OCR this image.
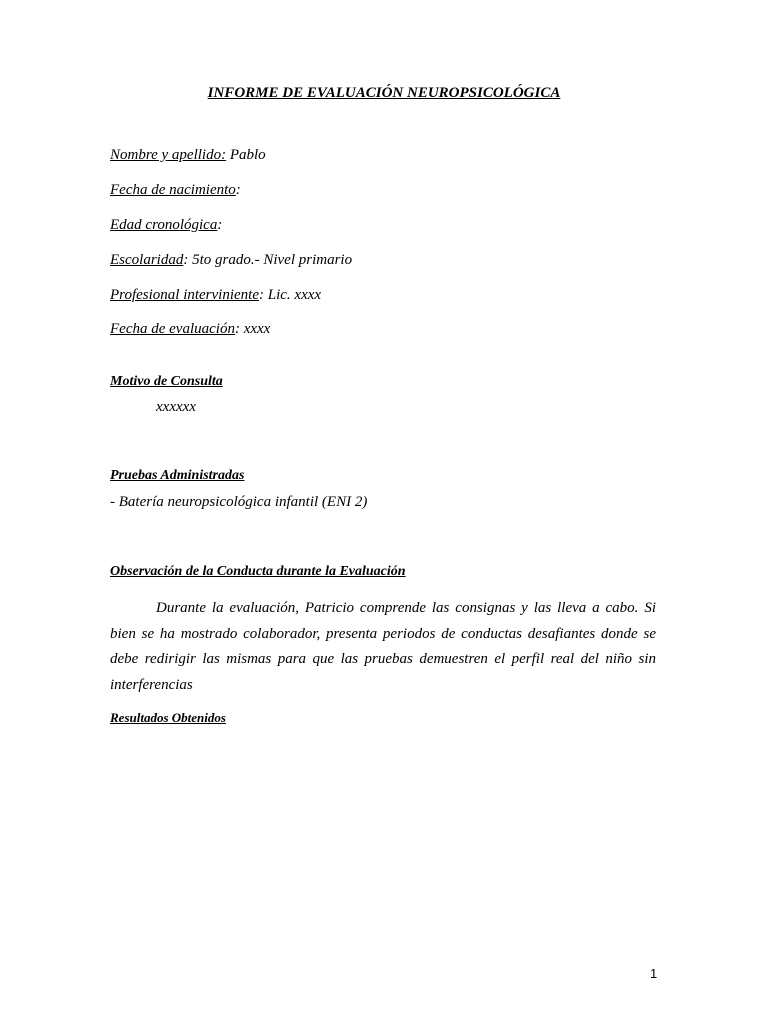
INFORME DE EVALUACIÓN NEUROPSICOLÓGICA
Nombre y apellido: Pablo
Fecha de nacimiento:
Edad cronológica:
Escolaridad: 5to grado.- Nivel primario
Profesional interviniente: Lic. xxxx
Fecha de evaluación: xxxx
Motivo de Consulta
xxxxxx
Pruebas Administradas
- Batería neuropsicológica infantil (ENI 2)
Observación de la Conducta durante la Evaluación

Durante la evaluación, Patricio comprende las consignas y las lleva a cabo. Si bien se ha mostrado colaborador, presenta periodos de conductas desafiantes donde se debe redirigir las mismas para que las pruebas demuestren el perfil real del niño sin interferencias

Resultados Obtenidos
1
